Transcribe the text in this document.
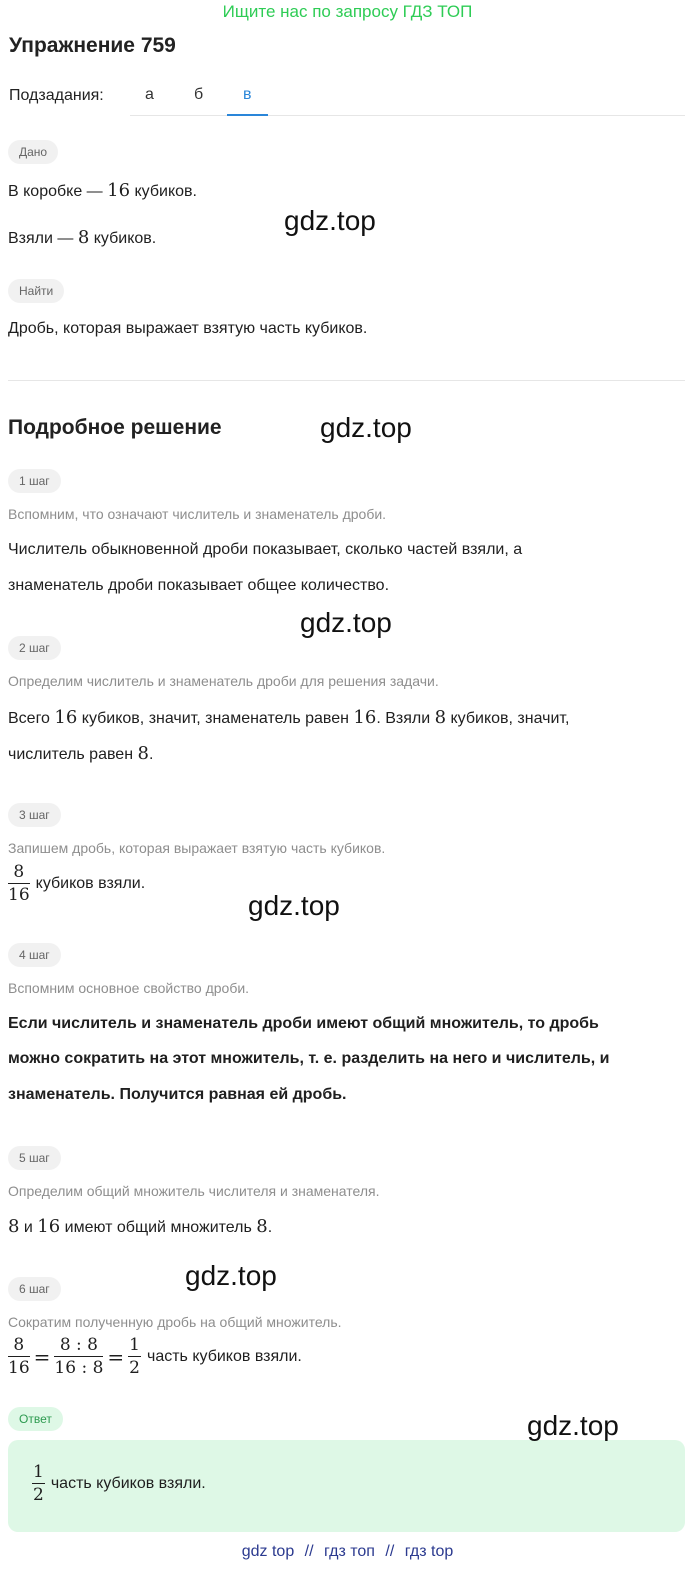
Ищите нас по запросу ГДЗ ТОП
Упражнение 759
Подзадания:	а	б в
Дано
В коробке — 16 кубиков.
Взяли — 8 кубиков.
Найти
Дробь, которая выражает взятую часть кубиков.
Подробное решение
1 шаг
Вспомним, что означают числитель и знаменатель дроби.
Числитель обыкновенной дроби показывает, сколько частей взяли, а
знаменатель дроби показывает общее количество.
2 шаг
Определим числитель и знаменатель дроби для решения задачи.
Всего 16 кубиков, значит, знаменатель равен 16. Взяли 8 кубиков, значит,
числитель равен 8.
3 шаг
Запишем дробь, которая выражает взятую часть кубиков.
$\frac{8}{16}$ кубиков взяли.
4 шаг
Вспомним основное свойство дроби.
Если числитель и знаменатель дроби имеют общий множитель, то дробь
можно сократить на этот множитель, т. е. разделить на него и числитель, и
знаменатель. Получится равная ей дробь.
5 шаг
Определим общий множитель числителя и знаменателя.
8 и 16 имеют общий множитель 8.
6 шаг
Сократим полученную дробь на общий множитель.
$\frac{8}{16} = \frac{8 : 8}{16 : 8} = \frac{1}{2}$ часть кубиков взяли.
Ответ
$\frac{1}{2}$ часть кубиков взяли.
gdz.top
gdz.top
gdz.top
gdz.top
gdz.top
gdz.top
gdz top // гдз топ // гдз top
